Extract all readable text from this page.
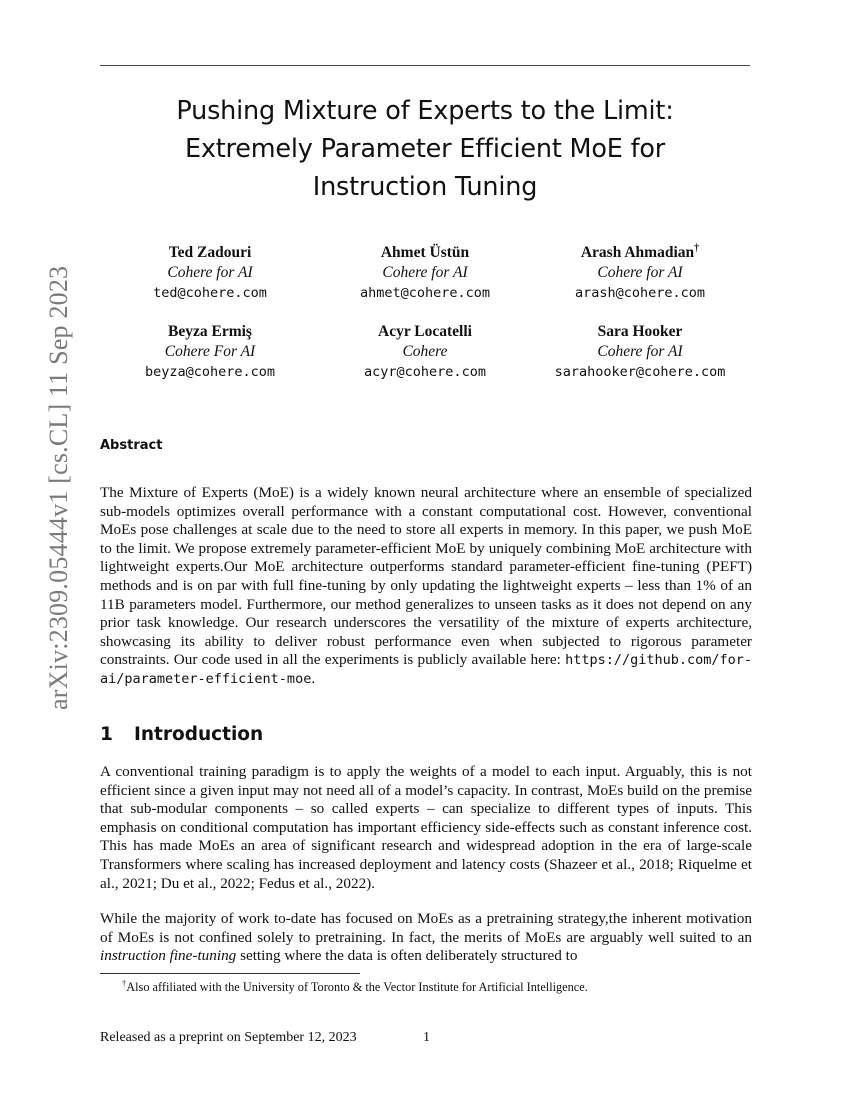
arXiv:2309.05444v1 [cs.CL] 11 Sep 2023
Pushing Mixture of Experts to the Limit:
Extremely Parameter Efficient MoE for
Instruction Tuning
Ted Zadouri
Cohere for AI
ted@cohere.com
Ahmet Üstün
Cohere for AI
ahmet@cohere.com
Arash Ahmadian†
Cohere for AI
arash@cohere.com
Beyza Ermiş
Cohere For AI
beyza@cohere.com
Acyr Locatelli
Cohere
acyr@cohere.com
Sara Hooker
Cohere for AI
sarahooker@cohere.com
Abstract
The Mixture of Experts (MoE) is a widely known neural architecture where an ensemble of specialized sub-models optimizes overall performance with a constant computational cost. However, conventional MoEs pose challenges at scale due to the need to store all experts in memory. In this paper, we push MoE to the limit. We propose extremely parameter-efficient MoE by uniquely combining MoE architecture with lightweight experts.Our MoE architecture outperforms standard parameter-efficient fine-tuning (PEFT) methods and is on par with full fine-tuning by only updating the lightweight experts – less than 1% of an 11B parameters model. Furthermore, our method generalizes to unseen tasks as it does not depend on any prior task knowledge. Our research underscores the versatility of the mixture of experts architecture, showcasing its ability to deliver robust performance even when subjected to rigorous parameter constraints. Our code used in all the experiments is publicly available here: https://github.com/for-ai/parameter-efficient-moe.
1 Introduction
A conventional training paradigm is to apply the weights of a model to each input. Arguably, this is not efficient since a given input may not need all of a model’s capacity. In contrast, MoEs build on the premise that sub-modular components – so called experts – can specialize to different types of inputs. This emphasis on conditional computation has important efficiency side-effects such as constant inference cost. This has made MoEs an area of significant research and widespread adoption in the era of large-scale Transformers where scaling has increased deployment and latency costs (Shazeer et al., 2018; Riquelme et al., 2021; Du et al., 2022; Fedus et al., 2022).
While the majority of work to-date has focused on MoEs as a pretraining strategy,the inherent motivation of MoEs is not confined solely to pretraining. In fact, the merits of MoEs are arguably well suited to an instruction fine-tuning setting where the data is often deliberately structured to
†Also affiliated with the University of Toronto & the Vector Institute for Artificial Intelligence.
Released as a preprint on September 12, 2023	1
